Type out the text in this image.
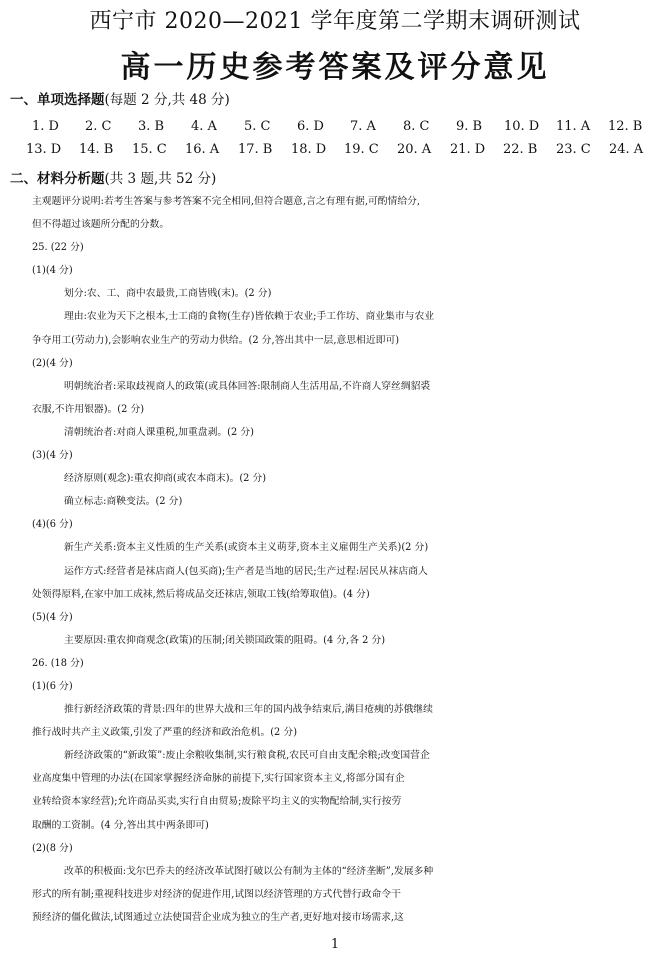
西宁市 2020—2021 学年度第二学期末调研测试
高一历史参考答案及评分意见
一、单项选择题(每题 2 分,共 48 分)
1. D 2. C 3. B 4. A 5. C 6. D 7. A 8. C 9. B 10. D 11. A 12. B
13. D 14. B 15. C 16. A 17. B 18. D 19. C 20. A 21. D 22. B 23. C 24. A
二、材料分析题(共 3 题,共 52 分)
主观题评分说明:若考生答案与参考答案不完全相同,但符合题意,言之有理有据,可酌情给分,
但不得超过该题所分配的分数。
25. (22 分)
(1)(4 分)
划分:农、工、商中农最贵,工商皆贱(末)。(2 分)
理由:农业为天下之根本,士工商的食物(生存)皆依赖于农业;手工作坊、商业集市与农业
争夺用工(劳动力),会影响农业生产的劳动力供给。(2 分,答出其中一层,意思相近即可)
(2)(4 分)
明朝统治者:采取歧视商人的政策(或具体回答:限制商人生活用品,不许商人穿丝绸貂裘
衣服,不许用银器)。(2 分)
清朝统治者:对商人课重税,加重盘剥。(2 分)
(3)(4 分)
经济原则(观念):重农抑商(或农本商末)。(2 分)
确立标志:商鞅变法。(2 分)
(4)(6 分)
新生产关系:资本主义性质的生产关系(或资本主义萌芽,资本主义雇佣生产关系)(2 分)
运作方式:经营者是袜店商人(包买商);生产者是当地的居民;生产过程:居民从袜店商人
处领得原料,在家中加工成袜,然后将成品交还袜店,领取工钱(给筹取值)。(4 分)
(5)(4 分)
主要原因:重农抑商观念(政策)的压制;闭关锁国政策的阻碍。(4 分,各 2 分)
26. (18 分)
(1)(6 分)
推行新经济政策的背景:四年的世界大战和三年的国内战争结束后,满目疮痍的苏俄继续
推行战时共产主义政策,引发了严重的经济和政治危机。(2 分)
新经济政策的“新政策”:废止余粮收集制,实行粮食税,农民可自由支配余粮;改变国营企
业高度集中管理的办法(在国家掌握经济命脉的前提下,实行国家资本主义,将部分国有企
业转给资本家经营);允许商品买卖,实行自由贸易;废除平均主义的实物配给制,实行按劳
取酬的工资制。(4 分,答出其中两条即可)
(2)(8 分)
改革的积极面:戈尔巴乔夫的经济改革试图打破以公有制为主体的“经济垄断”,发展多种
形式的所有制;重视科技进步对经济的促进作用,试图以经济管理的方式代替行政命令干
预经济的僵化做法,试图通过立法使国营企业成为独立的生产者,更好地对接市场需求,这
1
